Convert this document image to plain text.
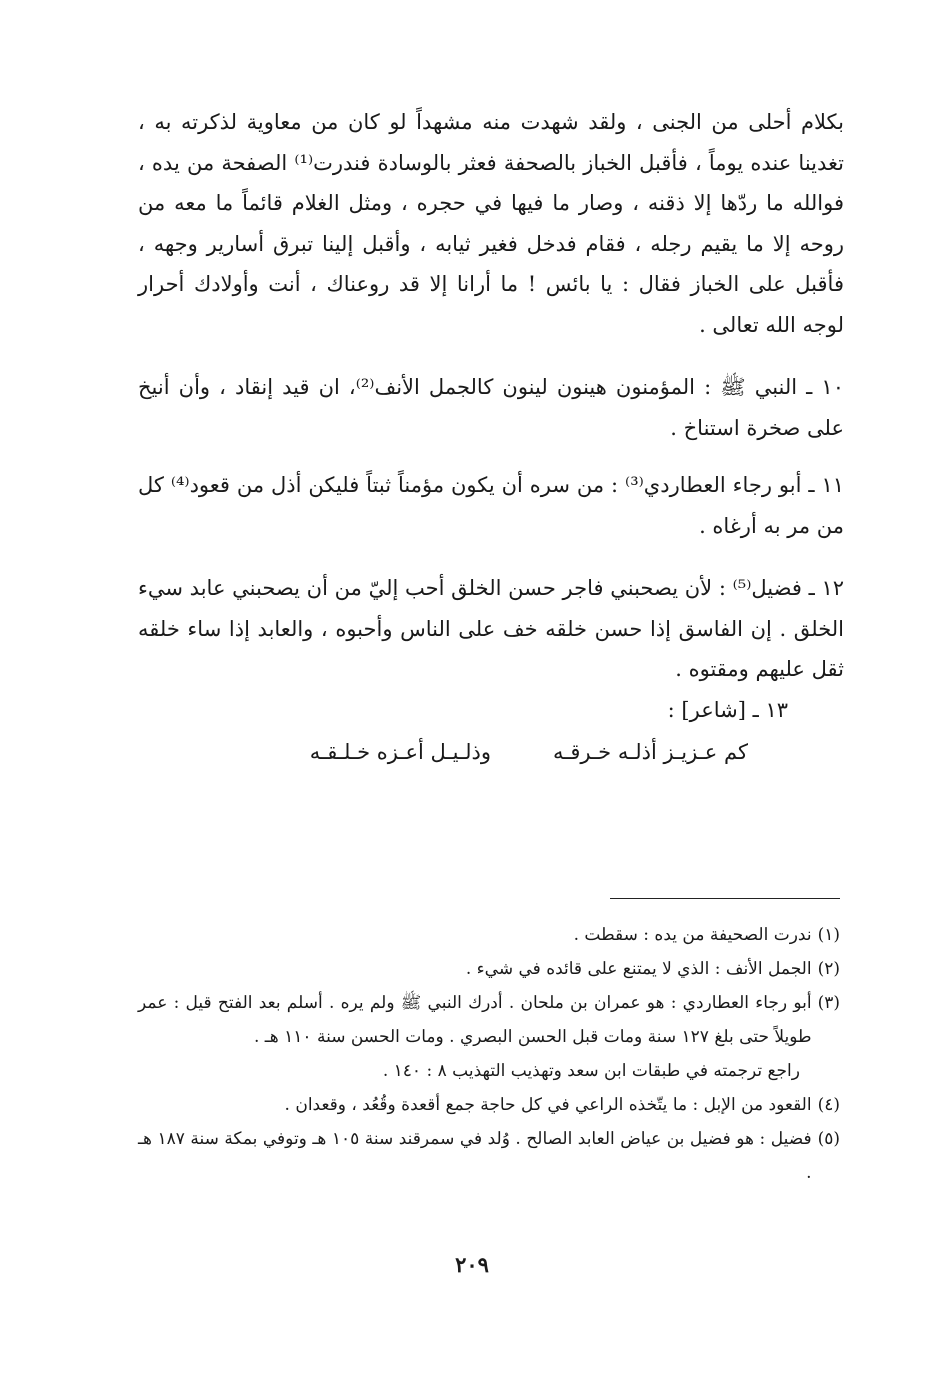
بكلام أحلى من الجنى ، ولقد شهدت منه مشهداً لو كان من معاوية لذكرته به ، تغدينا عنده يوماً ، فأقبل الخباز بالصحفة فعثر بالوسادة فندرت⁽¹⁾ الصفحة من يده ، فوالله ما ردّها إلا ذقنه ، وصار ما فيها في حجره ، ومثل الغلام قائماً ما معه من روحه إلا ما يقيم رجله ، فقام فدخل فغير ثيابه ، وأقبل إلينا تبرق أسارير وجهه ، فأقبل على الخباز فقال : يا بائس ! ما أرانا إلا قد روعناك ، أنت وأولادك أحرار لوجه الله تعالى .

١٠ ـ النبي ﷺ : المؤمنون هينون لينون كالجمل الأنف⁽²⁾، ان قيد إنقاد ، وأن أنيخ على صخرة استناخ .

١١ ـ أبو رجاء العطاردي⁽³⁾ : من سره أن يكون مؤمناً ثبتاً فليكن أذل من قعود⁽⁴⁾ كل من مر به أرغاه .

١٢ ـ فضيل⁽⁵⁾ : لأن يصحبني فاجر حسن الخلق أحب إليّ من أن يصحبني عابد سيء الخلق . إن الفاسق إذا حسن خلقه خف على الناس وأحبوه ، والعابد إذا ساء خلقه ثقل عليهم ومقتوه .

١٣ ـ [شاعر] :

كم عـزيـز أذلـه خـرقـه
وذلـيـل أعـزه خـلـقـه
(١)
ندرت الصحيفة من يده : سقطت .
(٢)
الجمل الأنف : الذي لا يمتنع على قائده في شيء .
(٣)
أبو رجاء العطاردي : هو عمران بن ملحان . أدرك النبي ﷺ ولم يره . أسلم بعد الفتح قيل : عمر طويلاً حتى بلغ ١٢٧ سنة ومات قبل الحسن البصري . ومات الحسن سنة ١١٠ هـ .
راجع ترجمته في طبقات ابن سعد وتهذيب التهذيب ٨ : ١٤٠ .
(٤)
القعود من الإبل : ما يتّخذه الراعي في كل حاجة جمع أقعدة وقُعُد ، وقعدان .
(٥)
فضيل : هو فضيل بن عياض العابد الصالح . وُلد في سمرقند سنة ١٠٥ هـ وتوفي بمكة سنة ١٨٧ هـ .
٢٠٩
